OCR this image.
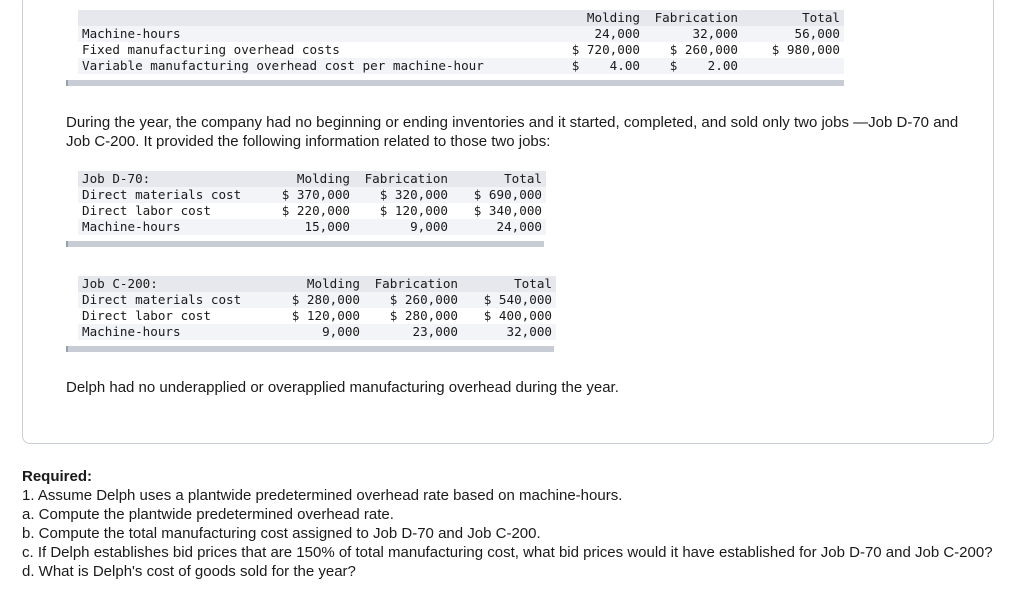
	Molding	Fabrication	Total
Machine-hours	24,000	32,000	56,000
Fixed manufacturing overhead costs	$ 720,000	$ 260,000	$ 980,000
Variable manufacturing overhead cost per machine-hour	$    4.00	$    2.00	

During the year, the company had no beginning or ending inventories and it started, completed, and sold only two jobs —Job D-70 and Job C-200. It provided the following information related to those two jobs:

Job D-70:	Molding	Fabrication	Total
Direct materials cost	$ 370,000	$ 320,000	$ 690,000
Direct labor cost	$ 220,000	$ 120,000	$ 340,000
Machine-hours	15,000	9,000	24,000
Job C-200:	Molding	Fabrication	Total
Direct materials cost	$ 280,000	$ 260,000	$ 540,000
Direct labor cost	$ 120,000	$ 280,000	$ 400,000
Machine-hours	9,000	23,000	32,000

Delph had no underapplied or overapplied manufacturing overhead during the year.

Required:
1. Assume Delph uses a plantwide predetermined overhead rate based on machine-hours.
a. Compute the plantwide predetermined overhead rate.
b. Compute the total manufacturing cost assigned to Job D-70 and Job C-200.
c. If Delph establishes bid prices that are 150% of total manufacturing cost, what bid prices would it have established for Job D-70 and Job C-200?
d. What is Delph's cost of goods sold for the year?
